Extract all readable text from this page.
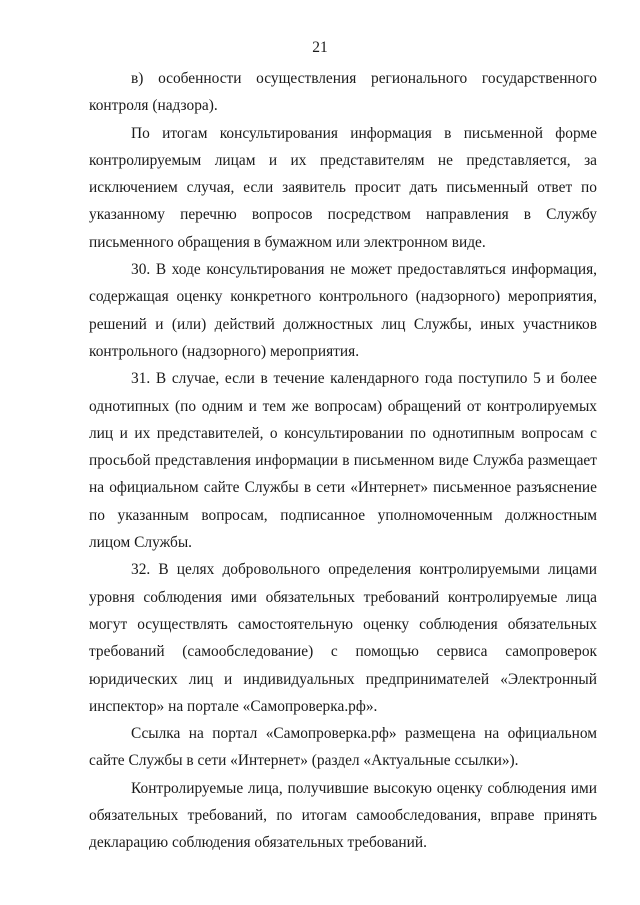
21

в) особенности осуществления регионального государственного контроля (надзора).

По итогам консультирования информация в письменной форме контролируемым лицам и их представителям не представляется, за исключением случая, если заявитель просит дать письменный ответ по указанному перечню вопросов посредством направления в Службу письменного обращения в бумажном или электронном виде.

30. В ходе консультирования не может предоставляться информация, содержащая оценку конкретного контрольного (надзорного) мероприятия, решений и (или) действий должностных лиц Службы, иных участников контрольного (надзорного) мероприятия.

31. В случае, если в течение календарного года поступило 5 и более однотипных (по одним и тем же вопросам) обращений от контролируемых лиц и их представителей, о консультировании по однотипным вопросам с просьбой представления информации в письменном виде Служба размещает на официальном сайте Службы в сети «Интернет» письменное разъяснение по указанным вопросам, подписанное уполномоченным должностным лицом Службы.

32. В целях добровольного определения контролируемыми лицами уровня соблюдения ими обязательных требований контролируемые лица могут осуществлять самостоятельную оценку соблюдения обязательных требований (самообследование) с помощью сервиса самопроверок юридических лиц и индивидуальных предпринимателей «Электронный инспектор» на портале «Самопроверка.рф».

Ссылка на портал «Самопроверка.рф» размещена на официальном сайте Службы в сети «Интернет» (раздел «Актуальные ссылки»).

Контролируемые лица, получившие высокую оценку соблюдения ими обязательных требований, по итогам самообследования, вправе принять декларацию соблюдения обязательных требований.
